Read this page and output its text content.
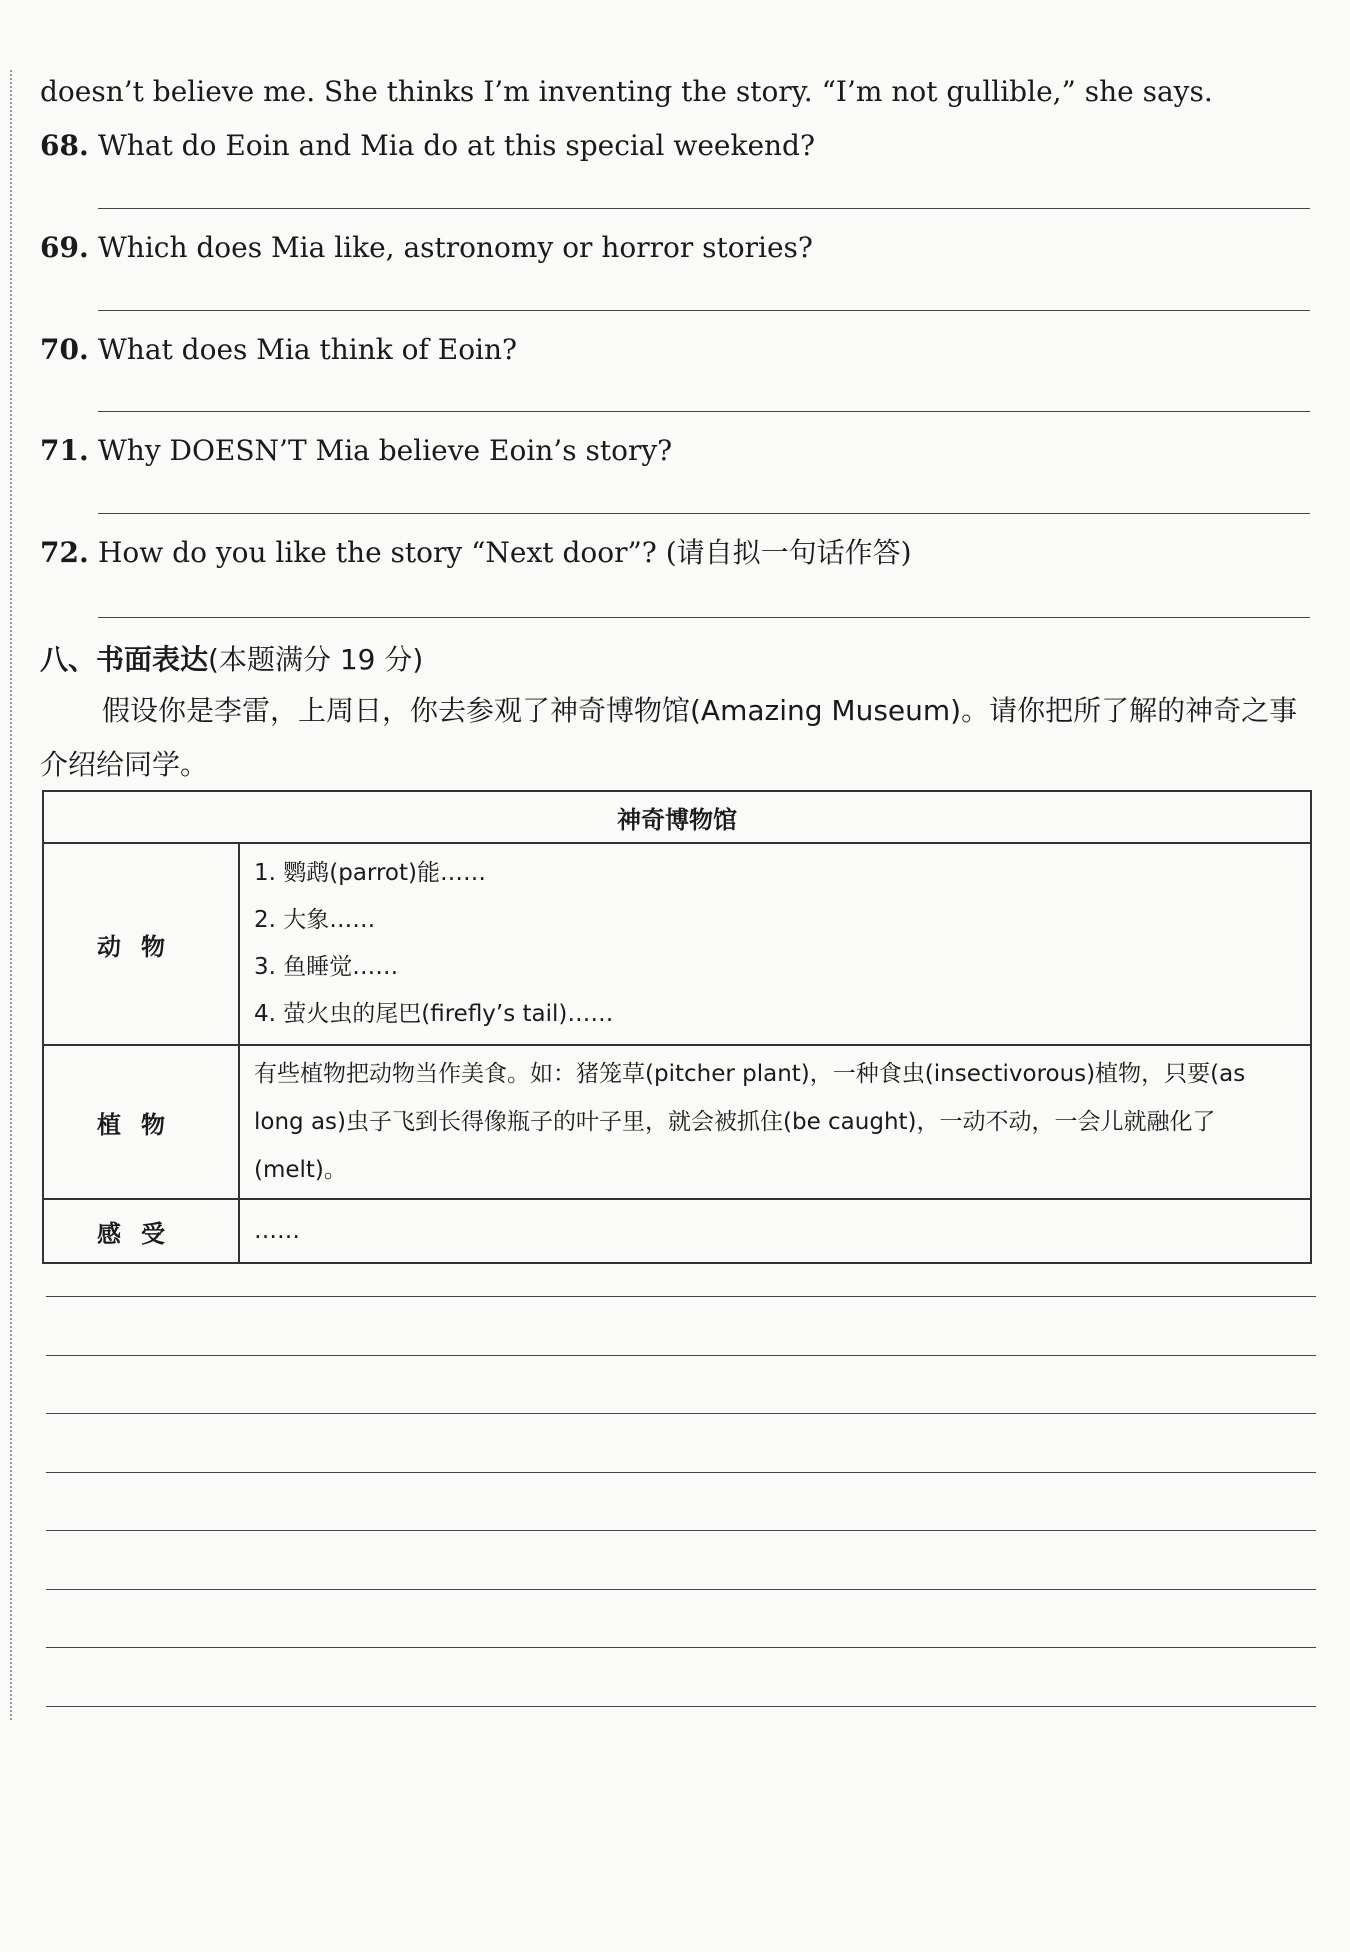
doesn’t believe me. She thinks I’m inventing the story. “I’m not gullible,” she says.
68. What do Eoin and Mia do at this special weekend?
69. Which does Mia like, astronomy or horror stories?
70. What does Mia think of Eoin?
71. Why DOESN’T Mia believe Eoin’s story?
72. How do you like the story “Next door”? (请自拟一句话作答)
八、书面表达(本题满分 19 分)
假设你是李雷，上周日，你去参观了神奇博物馆(Amazing Museum)。请你把所了解的神奇之事介绍给同学。
神奇博物馆	
动物	1. 鹦鹉(parrot)能……
2. 大象……
3. 鱼睡觉……
4. 萤火虫的尾巴(firefly’s tail)……

植物	有些植物把动物当作美食。如：猪笼草(pitcher plant)，一种食虫(insectivorous)植物，只要(as long as)虫子飞到长得像瓶子的叶子里，就会被抓住(be caught)，一动不动，一会儿就融化了(melt)。
感受	……
